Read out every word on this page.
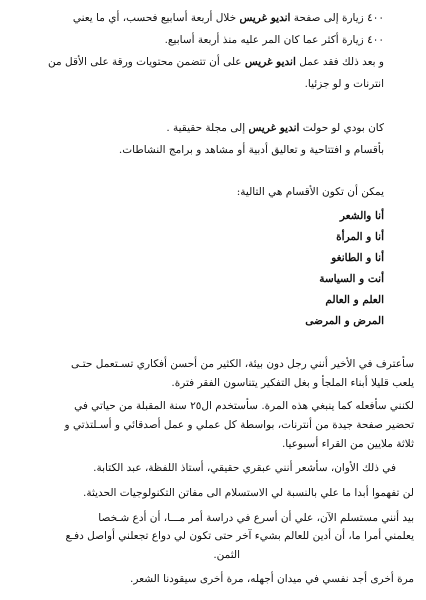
٤٠٠ زيارة إلى صفحة انديو غريس خلال أربعة أسابيع فحسب، أي ما يعني
٤٠٠ زيارة أكثر عما كان المر عليه منذ أربعة أسابيع.
و بعد ذلك فقد عمل انديو غريس على أن تتضمن محتويات ورقة على الأقل من
انترنات و لو جزئيا.
كان بودي لو حولت انديو غريس إلى مجلة حقيقية .
بأقسام و افتتاحية و تعاليق أدبية أو مشاهد و برامج النشاطات.
يمكن أن تكون الأقسام هي التالية:
أنا والشعر
أنا و المرأة
أنا و الطانغو
أنت و السياسة
العلم و العالم
المرض و المرضى
سأعترف في الأخير أنني رجل دون بيئة، الكثير من أحسن أفكاري تسـتعمل حتـى
يلعب قليلا أبناء الملجأ و بغل التفكير يتناسون الفقر فترة.
لكنني سأفعله كما ينبغي هذه المرة. سأستخدم ال٢٥ سنة المقبلة من حياتي في
تحضير صفحة جيدة من أنترنات، بواسطة كل عملي و عمل أصدقائي و أسـلتذتي و
ثلاثة ملايين من القراء أسبوعيا.
في ذلك الأوان، سأشعر أنني عبقري حقيقي، أستاذ اللفظة، عبد الكتابة.
لن تفهموا أبدا ما علي بالنسبة لي الاستسلام الى مفاتن التكنولوجيات الحديثة.
بيد أنني مستسلم الآن، علي أن أسرع في دراسة أمر مـــا، أن أدع شـخصا
يعلمني أمرا ما، أن أدين للعالم بشيء آخر حتى تكون لي دواع تجعلني أواصل دفـع
الثمن.
مرة أخرى أجد نفسي في ميدان أجهله، مرة أخرى سيقودنا الشعر.
